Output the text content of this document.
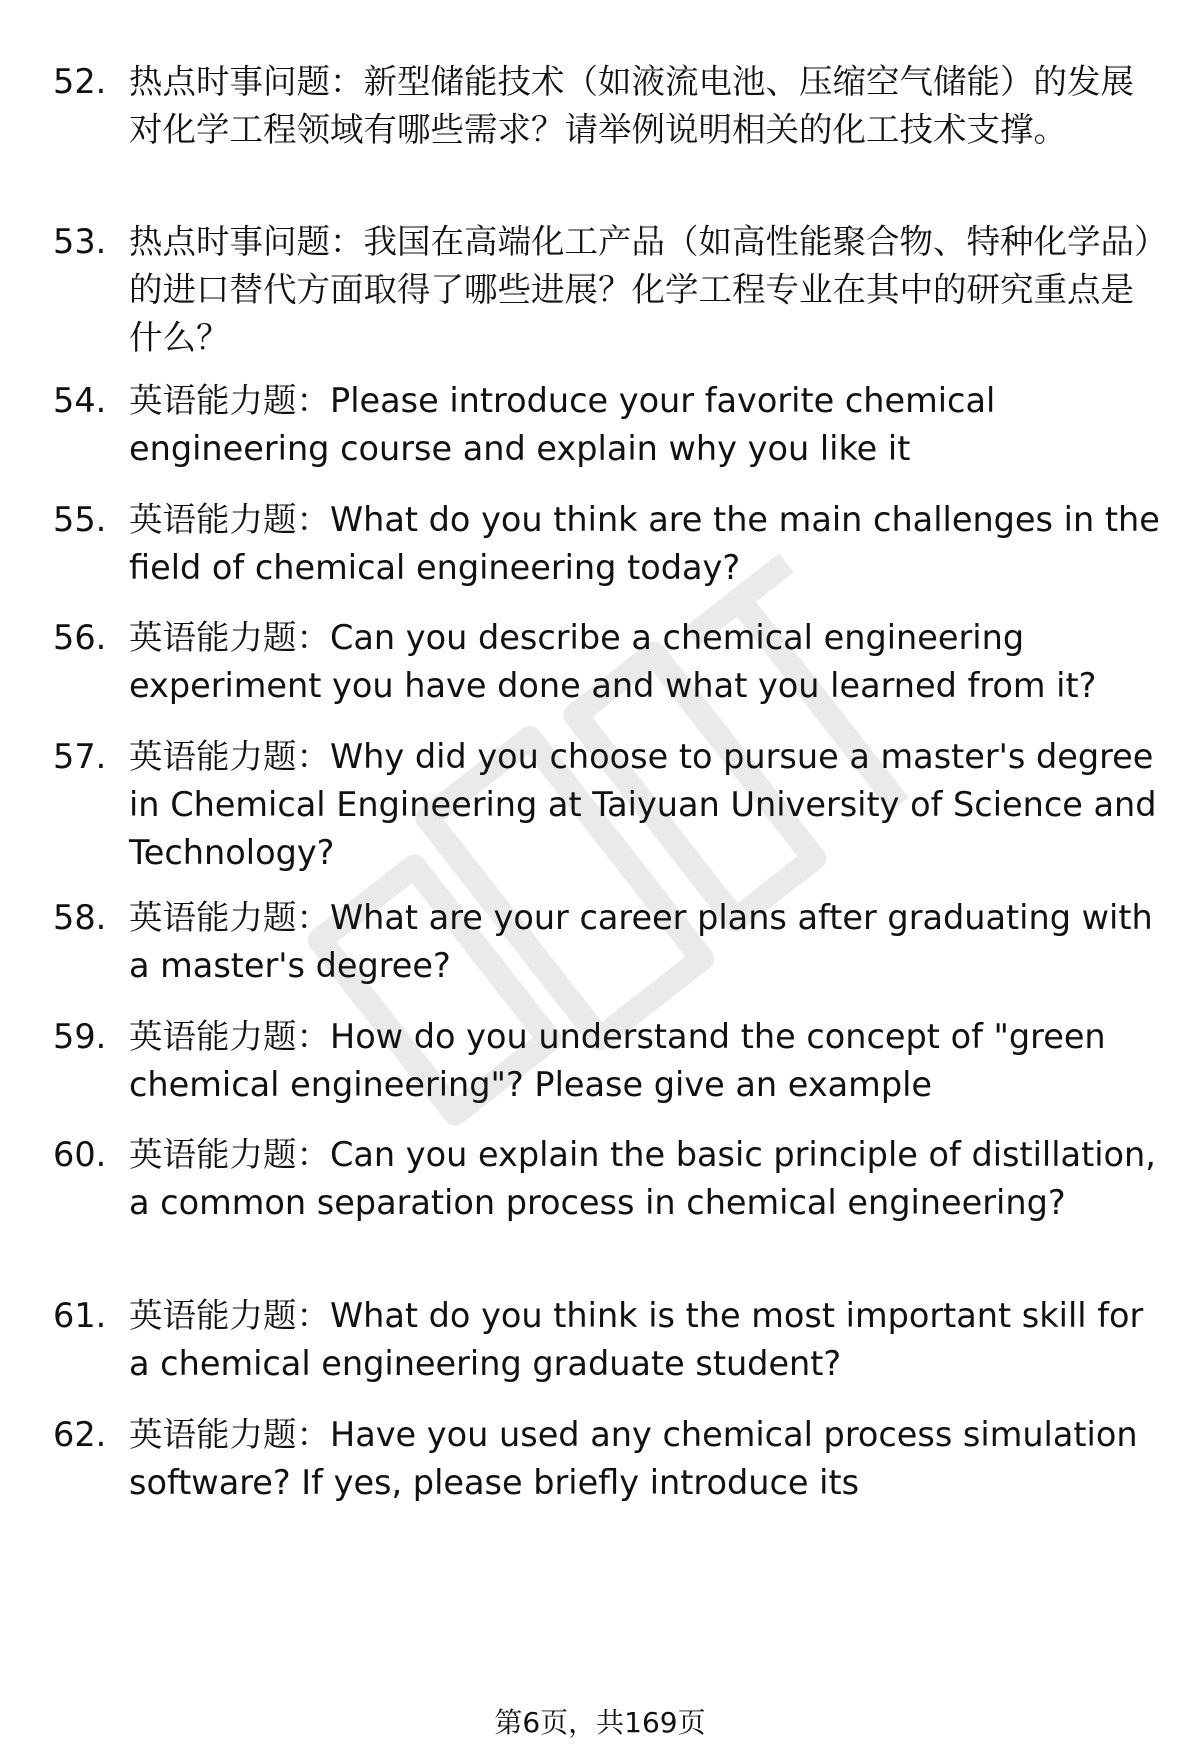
52. 热点时事问题：新型储能技术（如液流电池、压缩空气储能）的发展对化学工程领域有哪些需求？请举例说明相关的化工技术支撑。
53. 热点时事问题：我国在高端化工产品（如高性能聚合物、特种化学品）的进口替代方面取得了哪些进展？化学工程专业在其中的研究重点是什么？
54. 英语能力题：Please introduce your favorite chemical engineering course and explain why you like it
55. 英语能力题：What do you think are the main challenges in the field of chemical engineering today?
56. 英语能力题：Can you describe a chemical engineering experiment you have done and what you learned from it?
57. 英语能力题：Why did you choose to pursue a master's degree in Chemical Engineering at Taiyuan University of Science and Technology?
58. 英语能力题：What are your career plans after graduating with a master's degree?
59. 英语能力题：How do you understand the concept of "green chemical engineering"? Please give an example
60. 英语能力题：Can you explain the basic principle of distillation, a common separation process in chemical engineering?
61. 英语能力题：What do you think is the most important skill for a chemical engineering graduate student?
62. 英语能力题：Have you used any chemical process simulation software? If yes, please briefly introduce its
第6页，共169页
